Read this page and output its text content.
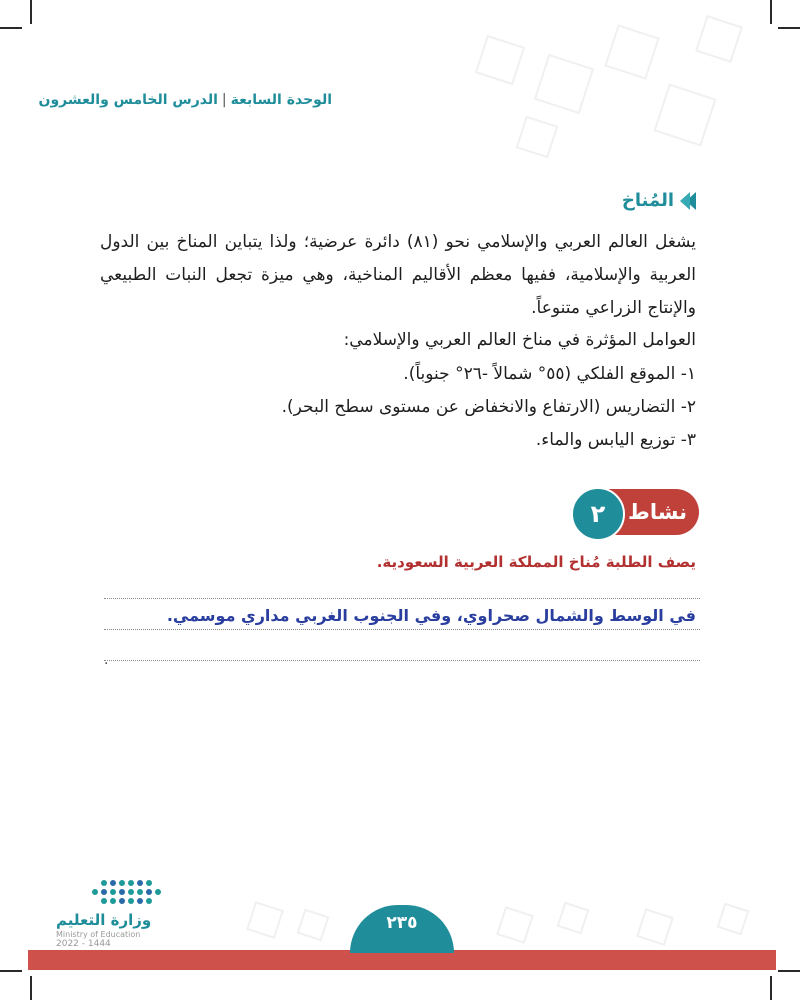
الوحدة السابعة|الدرس الخامس والعشرون
المُناخ
يشغل العالم العربي والإسلامي نحو (٨١) دائرة عرضية؛ ولذا يتباين المناخ بين الدول العربية والإسلامية، ففيها معظم الأقاليم المناخية، وهي ميزة تجعل النبات الطبيعي والإنتاج الزراعي متنوعاً.
العوامل المؤثرة في مناخ العالم العربي والإسلامي:
١- الموقع الفلكي (٥٥° شمالاً -٢٦° جنوباً).
٢- التضاريس (الارتفاع والانخفاض عن مستوى سطح البحر).
٣- توزيع اليابس والماء.
نشاط
٢
يصف الطلبة مُناخ المملكة العربية السعودية.
في الوسط والشمال صحراوي، وفي الجنوب الغربي مداري موسمي.
.
٢٣٥
وزارة التعليم
Ministry of Education
2022 - 1444
